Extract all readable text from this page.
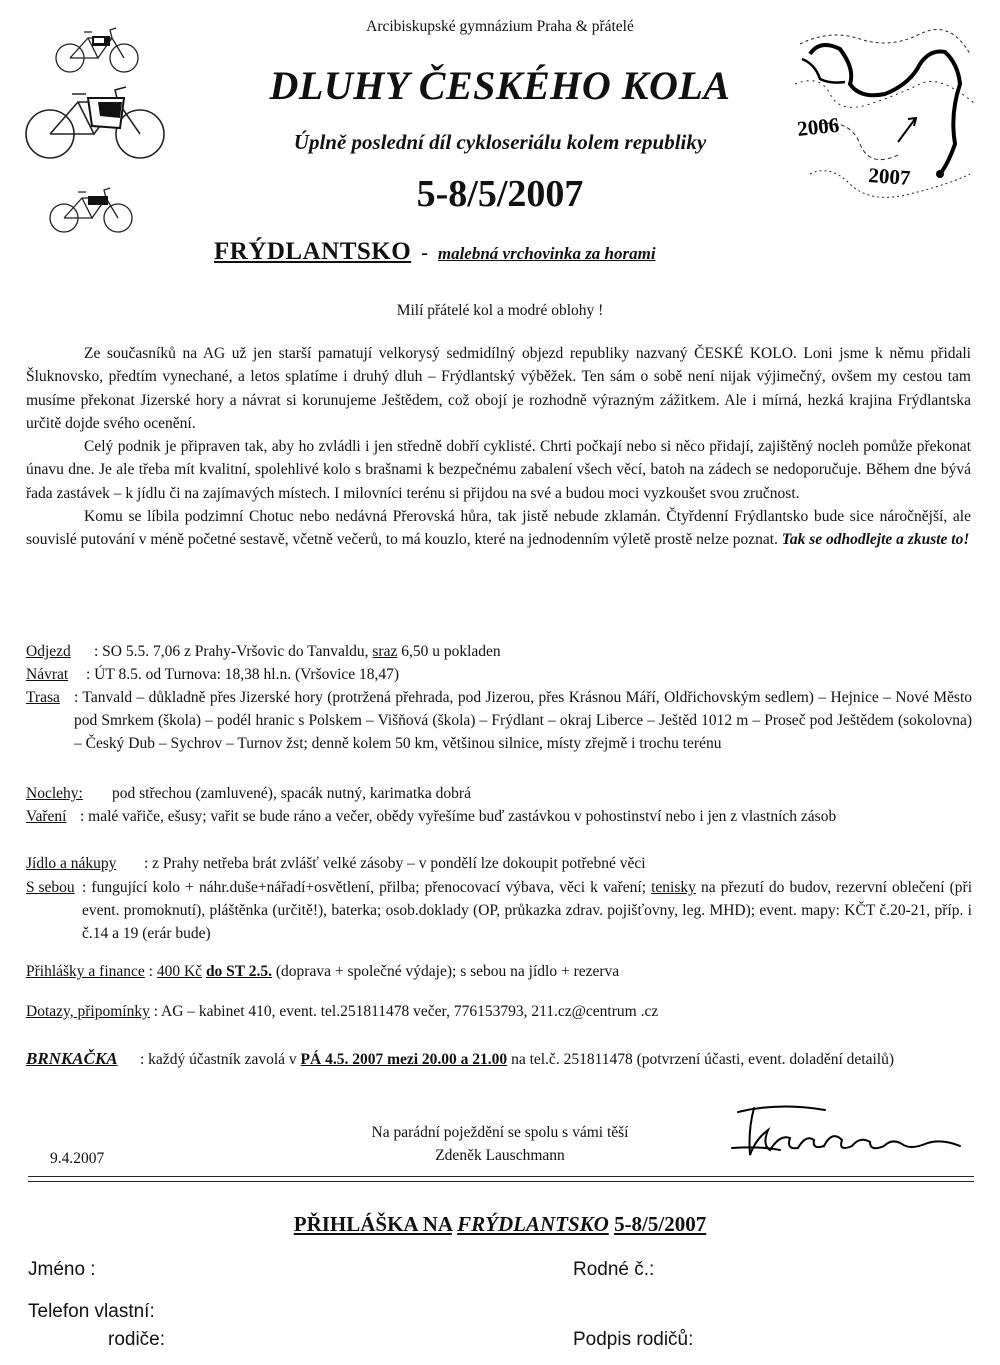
2006
2007
Arcibiskupské gymnázium Praha & přátelé
DLUHY ČESKÉHO KOLA
Úplně poslední díl cykloseriálu kolem republiky
5-8/5/2007
FRÝDLANTSKO - malebná vrchovinka za horami
Milí přátelé kol a modré oblohy !

Ze současníků na AG už jen starší pamatují velkorysý sedmidílný objezd republiky nazvaný ČESKÉ KOLO. Loni jsme k němu přidali Šluknovsko, předtím vynechané, a letos splatíme i druhý dluh – Frýdlantský výběžek. Ten sám o sobě není nijak výjimečný, ovšem my cestou tam musíme překonat Jizerské hory a návrat si korunujeme Ještědem, což obojí je rozhodně výrazným zážitkem. Ale i mírná, hezká krajina Frýdlantska určitě dojde svého ocenění.

Celý podnik je připraven tak, aby ho zvládli i jen středně dobří cyklisté. Chrti počkají nebo si něco přidají, zajištěný nocleh pomůže překonat únavu dne. Je ale třeba mít kvalitní, spolehlivé kolo s brašnami k bezpečnému zabalení všech věcí, batoh na zádech se nedoporučuje. Během dne bývá řada zastávek – k jídlu či na zajímavých místech. I milovníci terénu si přijdou na své a budou moci vyzkoušet svou zručnost.

Komu se líbila podzimní Chotuc nebo nedávná Přerovská hůra, tak jistě nebude zklamán. Čtyřdenní Frýdlantsko bude sice náročnější, ale souvislé putování v méně početné sestavě, včetně večerů, to má kouzlo, které na jednodenním výletě prostě nelze poznat. Tak se odhodlejte a zkuste to!

Odjezd : SO 5.5. 7,06 z Prahy-Vršovic do Tanvaldu, sraz 6,50 u pokladen
Návrat : ÚT 8.5. od Turnova: 18,38 hl.n. (Vršovice 18,47)
Trasa : Tanvald – důkladně přes Jizerské hory (protržená přehrada, pod Jizerou, přes Krásnou Máří, Oldřichovským sedlem) – Hejnice – Nové Město pod Smrkem (škola) – podél hranic s Polskem – Višňová (škola) – Frýdlant – okraj Liberce – Ještěd 1012 m – Proseč pod Ještědem (sokolovna) – Český Dub – Sychrov – Turnov žst; denně kolem 50 km, většinou silnice, místy zřejmě i trochu terénu
Noclehy: pod střechou (zamluvené), spacák nutný, karimatka dobrá
Vaření : malé vařiče, ešusy; vařit se bude ráno a večer, obědy vyřešíme buď zastávkou v pohostinství nebo i jen z vlastních zásob
Jídlo a nákupy : z Prahy netřeba brát zvlášť velké zásoby – v pondělí lze dokoupit potřebné věci
S sebou : fungující kolo + náhr.duše+nářadí+osvětlení, přilba; přenocovací výbava, věci k vaření; tenisky na přezutí do budov, rezervní oblečení (při event. promoknutí), pláštěnka (určitě!), baterka; osob.doklady (OP, průkazka zdrav. pojišťovny, leg. MHD); event. mapy: KČT č.20-21, příp. i č.14 a 19 (erár bude)
Přihlášky a finance : 400 Kč do ST 2.5. (doprava + společné výdaje); s sebou na jídlo + rezerva
Dotazy, připomínky : AG – kabinet 410, event. tel.251811478 večer, 776153793, 211.cz@centrum .cz
BRNKAČKA : každý účastník zavolá v PÁ 4.5. 2007 mezi 20.00 a 21.00 na tel.č. 251811478 (potvrzení účasti, event. doladění detailů)
9.4.2007
Na parádní poježdění se spolu s vámi těší
Zdeněk Lauschmann
PŘIHLÁŠKA NA FRÝDLANTSKO 5-8/5/2007
Jméno :	Rodné č.:
Telefon vlastní:
rodiče:	Podpis rodičů:
